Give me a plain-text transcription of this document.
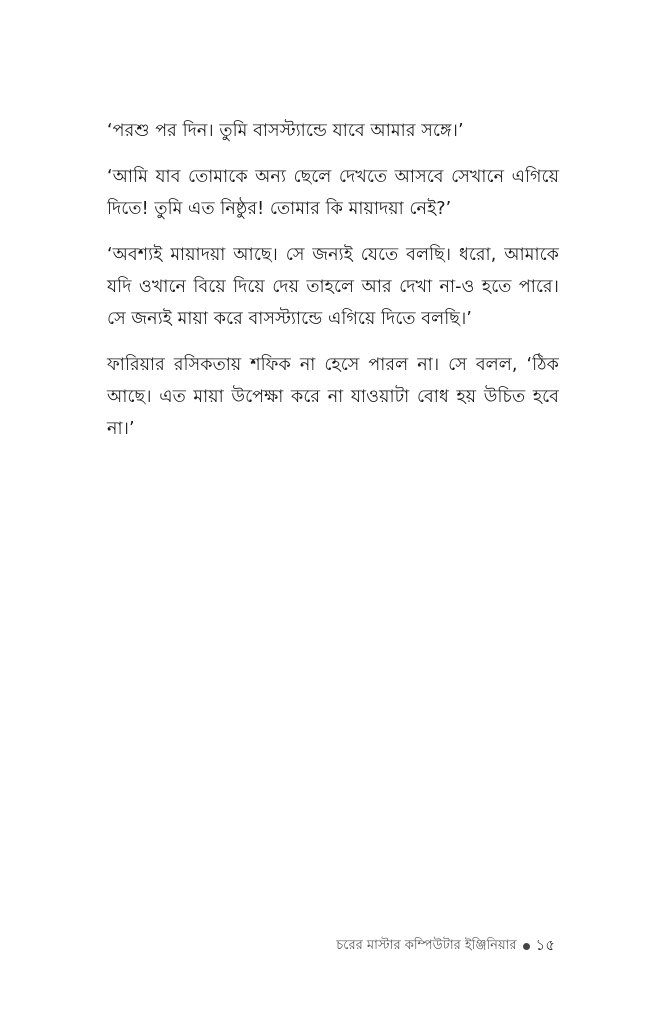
‘পরশু পর দিন। তুমি বাসস্ট্যান্ডে যাবে আমার সঙ্গে।’

‘আমি যাব তোমাকে অন্য ছেলে দেখতে আসবে সেখানে এগিয়ে দিতে! তুমি এত নিষ্ঠুর! তোমার কি মায়াদয়া নেই?’

‘অবশ্যই মায়াদয়া আছে। সে জন্যই যেতে বলছি। ধরো, আমাকে যদি ওখানে বিয়ে দিয়ে দেয় তাহলে আর দেখা না-ও হতে পারে। সে জন্যই মায়া করে বাসস্ট্যান্ডে এগিয়ে দিতে বলছি।’

ফারিয়ার রসিকতায় শফিক না হেসে পারল না। সে বলল, ‘ঠিক আছে। এত মায়া উপেক্ষা করে না যাওয়াটা বোধ হয় উচিত হবে না।’

চরের মাস্টার কম্পিউটার ইঞ্জিনিয়ার ১৫
